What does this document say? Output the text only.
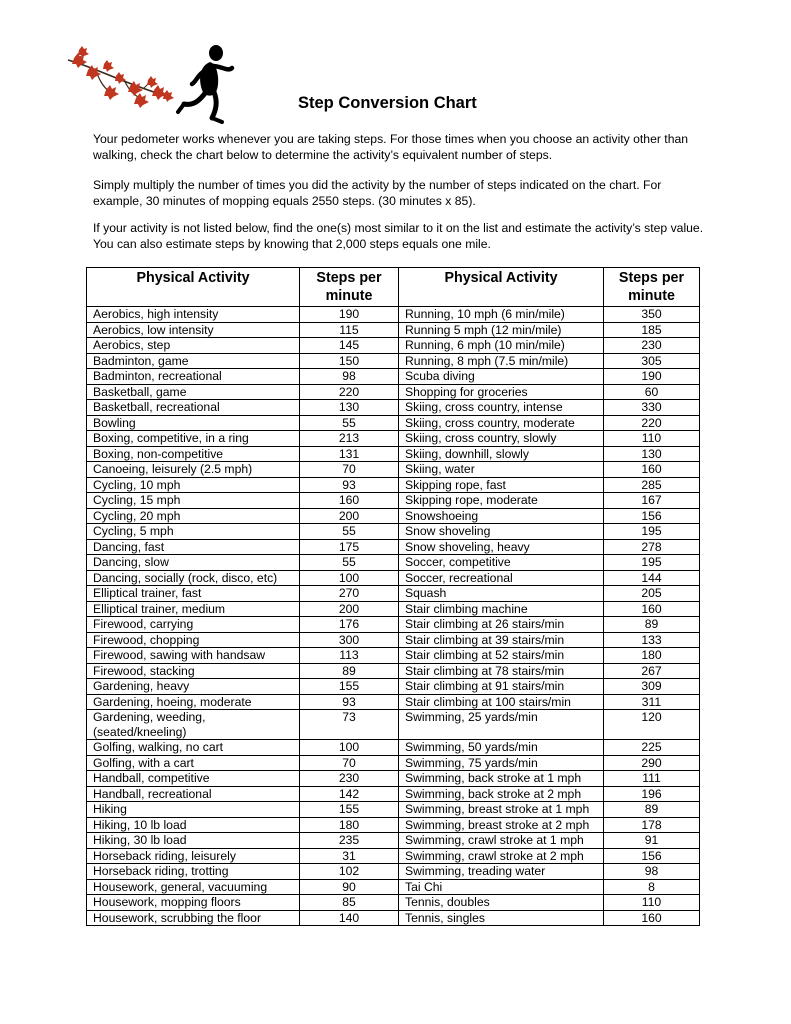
Step Conversion Chart

Your pedometer works whenever you are taking steps. For those times when you choose an activity other than walking, check the chart below to determine the activity’s equivalent number of steps.

Simply multiply the number of times you did the activity by the number of steps indicated on the chart. For example, 30 minutes of mopping equals 2550 steps. (30 minutes x 85).

If your activity is not listed below, find the one(s) most similar to it on the list and estimate the activity’s step value. You can also estimate steps by knowing that 2,000 steps equals one mile.

Physical Activity	Steps per minute	Physical Activity	Steps per minute
Aerobics, high intensity	190	Running, 10 mph (6 min/mile)	350
Aerobics, low intensity	115	Running 5 mph (12 min/mile)	185
Aerobics, step	145	Running, 6 mph (10 min/mile)	230
Badminton, game	150	Running, 8 mph (7.5 min/mile)	305
Badminton, recreational	98	Scuba diving	190
Basketball, game	220	Shopping for groceries	60
Basketball, recreational	130	Skiing, cross country, intense	330
Bowling	55	Skiing, cross country, moderate	220
Boxing, competitive, in a ring	213	Skiing, cross country, slowly	110
Boxing, non-competitive	131	Skiing, downhill, slowly	130
Canoeing, leisurely (2.5 mph)	70	Skiing, water	160
Cycling, 10 mph	93	Skipping rope, fast	285
Cycling, 15 mph	160	Skipping rope, moderate	167
Cycling, 20 mph	200	Snowshoeing	156
Cycling, 5 mph	55	Snow shoveling	195
Dancing, fast	175	Snow shoveling, heavy	278
Dancing, slow	55	Soccer, competitive	195
Dancing, socially (rock, disco, etc)	100	Soccer, recreational	144
Elliptical trainer, fast	270	Squash	205
Elliptical trainer, medium	200	Stair climbing machine	160
Firewood, carrying	176	Stair climbing at 26 stairs/min	89
Firewood, chopping	300	Stair climbing at 39 stairs/min	133
Firewood, sawing with handsaw	113	Stair climbing at 52 stairs/min	180
Firewood, stacking	89	Stair climbing at 78 stairs/min	267
Gardening, heavy	155	Stair climbing at 91 stairs/min	309
Gardening, hoeing, moderate	93	Stair climbing at 100 stairs/min	311
Gardening, weeding, (seated/kneeling)	73	Swimming, 25 yards/min	120
Golfing, walking, no cart	100	Swimming, 50 yards/min	225
Golfing, with a cart	70	Swimming, 75 yards/min	290
Handball, competitive	230	Swimming, back stroke at 1 mph	111
Handball, recreational	142	Swimming, back stroke at 2 mph	196
Hiking	155	Swimming, breast stroke at 1 mph	89
Hiking, 10 lb load	180	Swimming, breast stroke at 2 mph	178
Hiking, 30 lb load	235	Swimming, crawl stroke at 1 mph	91
Horseback riding, leisurely	31	Swimming, crawl stroke at 2 mph	156
Horseback riding, trotting	102	Swimming, treading water	98
Housework, general, vacuuming	90	Tai Chi	8
Housework, mopping floors	85	Tennis, doubles	110
Housework, scrubbing the floor	140	Tennis, singles	160
